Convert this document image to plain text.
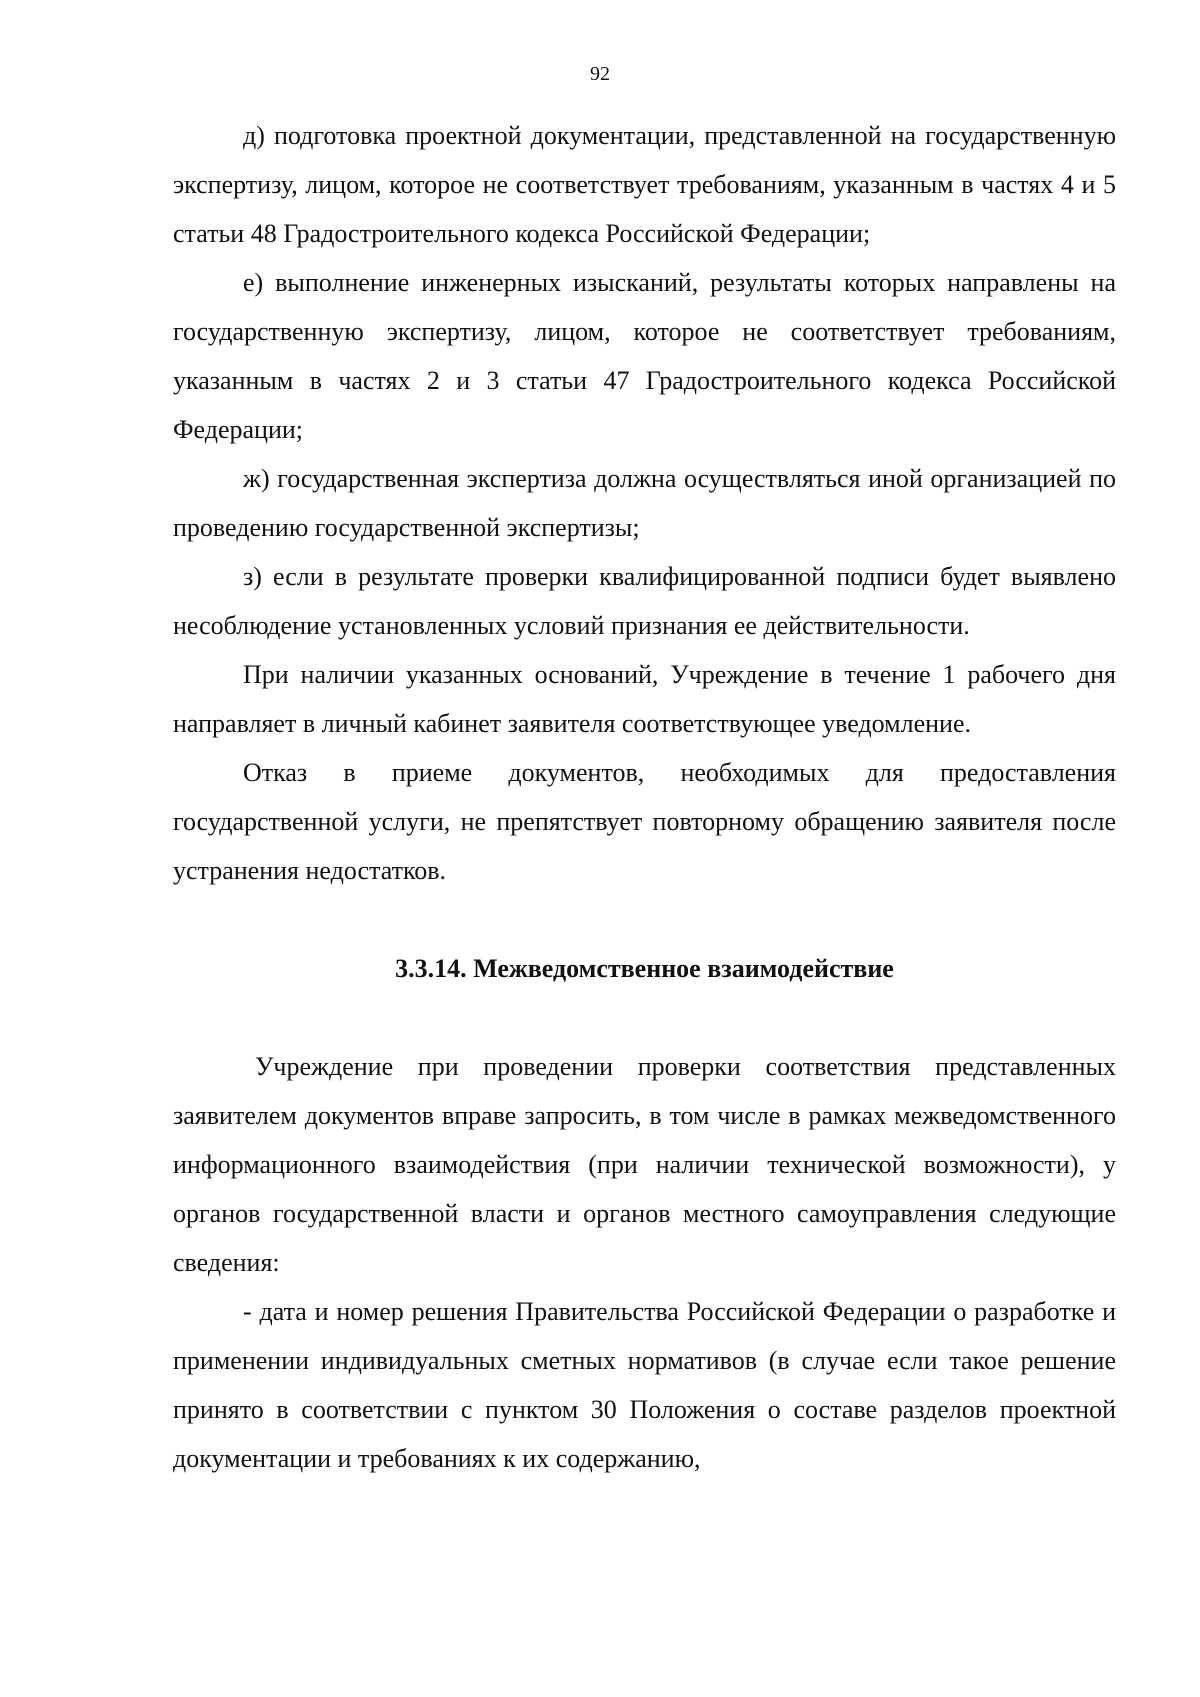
92

д) подготовка проектной документации, представленной на государственную экспертизу, лицом, которое не соответствует требованиям, указанным в частях 4 и 5 статьи 48 Градостроительного кодекса Российской Федерации;

е) выполнение инженерных изысканий, результаты которых направлены на государственную экспертизу, лицом, которое не соответствует требованиям, указанным в частях 2 и 3 статьи 47 Градостроительного кодекса Российской Федерации;

ж) государственная экспертиза должна осуществляться иной организацией по проведению государственной экспертизы;

з) если в результате проверки квалифицированной подписи будет выявлено несоблюдение установленных условий признания ее действительности.

При наличии указанных оснований, Учреждение в течение 1 рабочего дня направляет в личный кабинет заявителя соответствующее уведомление.

Отказ в приеме документов, необходимых для предоставления государственной услуги, не препятствует повторному обращению заявителя после устранения недостатков.

3.3.14. Межведомственное взаимодействие

Учреждение при проведении проверки соответствия представленных заявителем документов вправе запросить, в том числе в рамках межведомственного информационного взаимодействия (при наличии технической возможности), у органов государственной власти и органов местного самоуправления следующие сведения:

- дата и номер решения Правительства Российской Федерации о разработке и применении индивидуальных сметных нормативов (в случае если такое решение принято в соответствии с пунктом 30 Положения о составе разделов проектной документации и требованиях к их содержанию,
